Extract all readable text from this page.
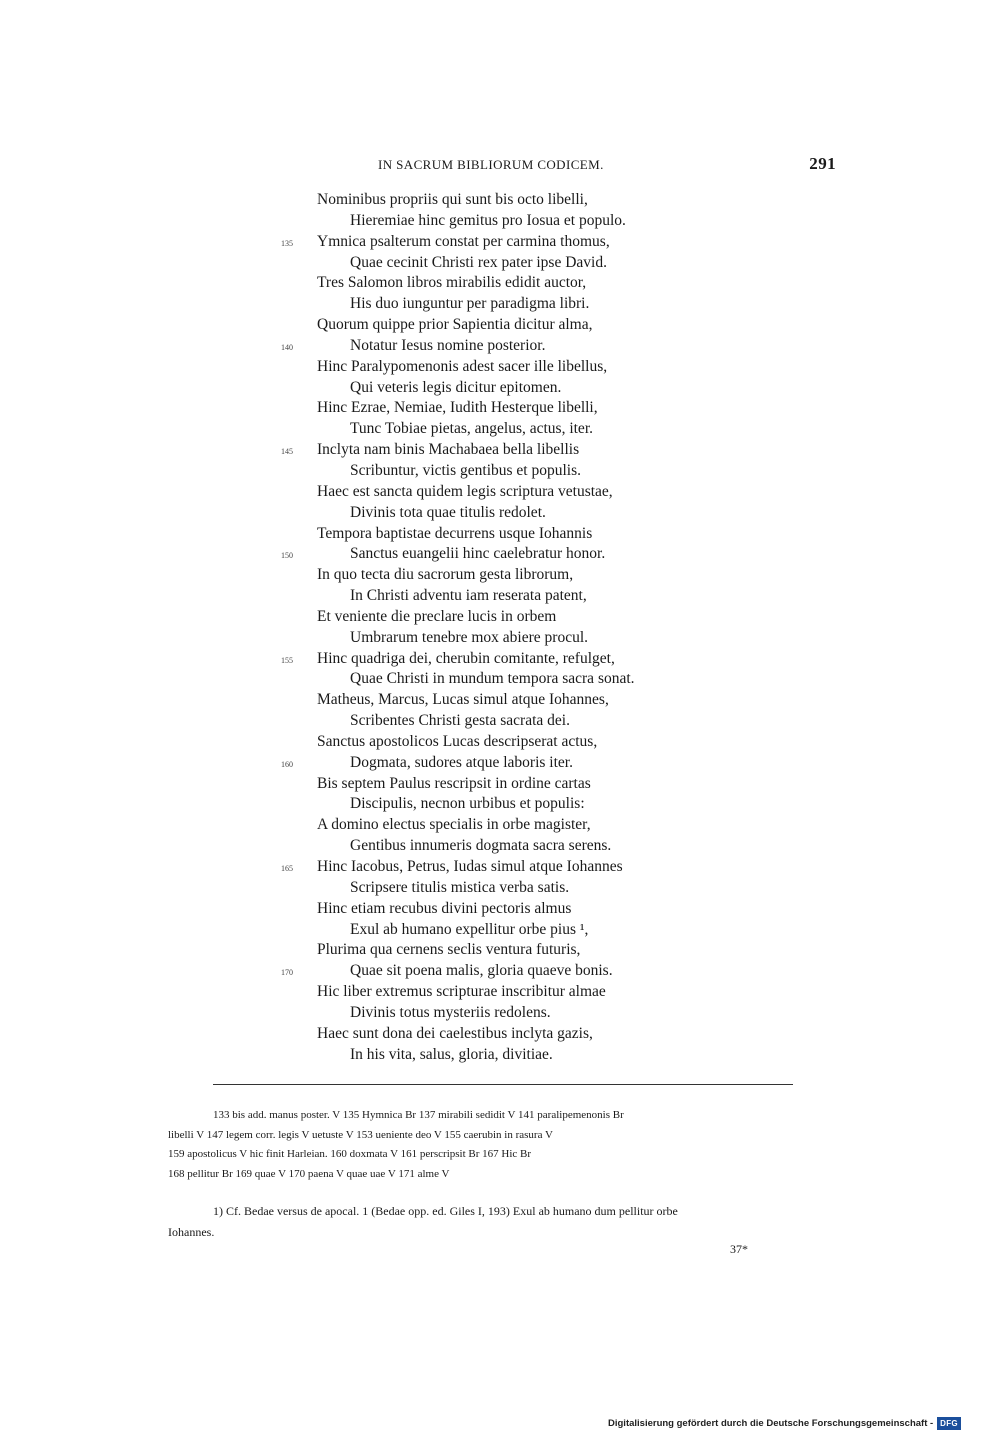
IN SACRUM BIBLIORUM CODICEM.	291
Nominibus propriis qui sunt bis octo libelli,
Hieremiae hinc gemitus pro Iosua et populo.
135 Ymnica psalterum constat per carmina thomus,
Quae cecinit Christi rex pater ipse David.
Tres Salomon libros mirabilis edidit auctor,
His duo iunguntur per paradigma libri.
Quorum quippe prior Sapientia dicitur alma,
140	Notatur Iesus nomine posterior.
Hinc Paralypomenonis adest sacer ille libellus,
Qui veteris legis dicitur epitomen.
Hinc Ezrae, Nemiae, Iudith Hesterque libelli,
Tunc Tobiae pietas, angelus, actus, iter.
145 Inclyta nam binis Machabaea bella libellis
Scribuntur, victis gentibus et populis.
Haec est sancta quidem legis scriptura vetustae,
Divinis tota quae titulis redolet.
Tempora baptistae decurrens usque Iohannis
150	Sanctus euangelii hinc caelebratur honor.
In quo tecta diu sacrorum gesta librorum,
In Christi adventu iam reserata patent,
Et veniente die preclare lucis in orbem
Umbrarum tenebre mox abiere procul.
155 Hinc quadriga dei, cherubin comitante, refulget,
Quae Christi in mundum tempora sacra sonat.
Matheus, Marcus, Lucas simul atque Iohannes,
Scribentes Christi gesta sacrata dei.
Sanctus apostolicos Lucas descripserat actus,
160	Dogmata, sudores atque laboris iter.
Bis septem Paulus rescripsit in ordine cartas
Discipulis, necnon urbibus et populis:
A domino electus specialis in orbe magister,
Gentibus innumeris dogmata sacra serens.
165 Hinc Iacobus, Petrus, Iudas simul atque Iohannes
Scripsere titulis mistica verba satis.
Hinc etiam recubus divini pectoris almus
Exul ab humano expellitur orbe pius ¹,
Plurima qua cernens seclis ventura futuris,
170	Quae sit poena malis, gloria quaeve bonis.
Hic liber extremus scripturae inscribitur almae
Divinis totus mysteriis redolens.
Haec sunt dona dei caelestibus inclyta gazis,
In his vita, salus, gloria, divitiae.
133 bis add. manus poster. V 135 Hymnica Br 137 mirabili sedidit V 141 paralipemenonis Br
libelli V 147 legem corr. legis V uetuste V 153 ueniente deo V 155 caerubin in rasura V
159 apostolicus V hic finit Harleian. 160 doxmata V 161 perscripsit Br 167 Hic Br
168 pellitur Br 169 quae V 170 paena V quae uae V 171 alme V
1) Cf. Bedae versus de apocal. 1 (Bedae opp. ed. Giles I, 193) Exul ab humano dum pellitur orbe
Iohannes.
37*
Digitalisierung gefördert durch die Deutsche Forschungsgemeinschaft - DFG
